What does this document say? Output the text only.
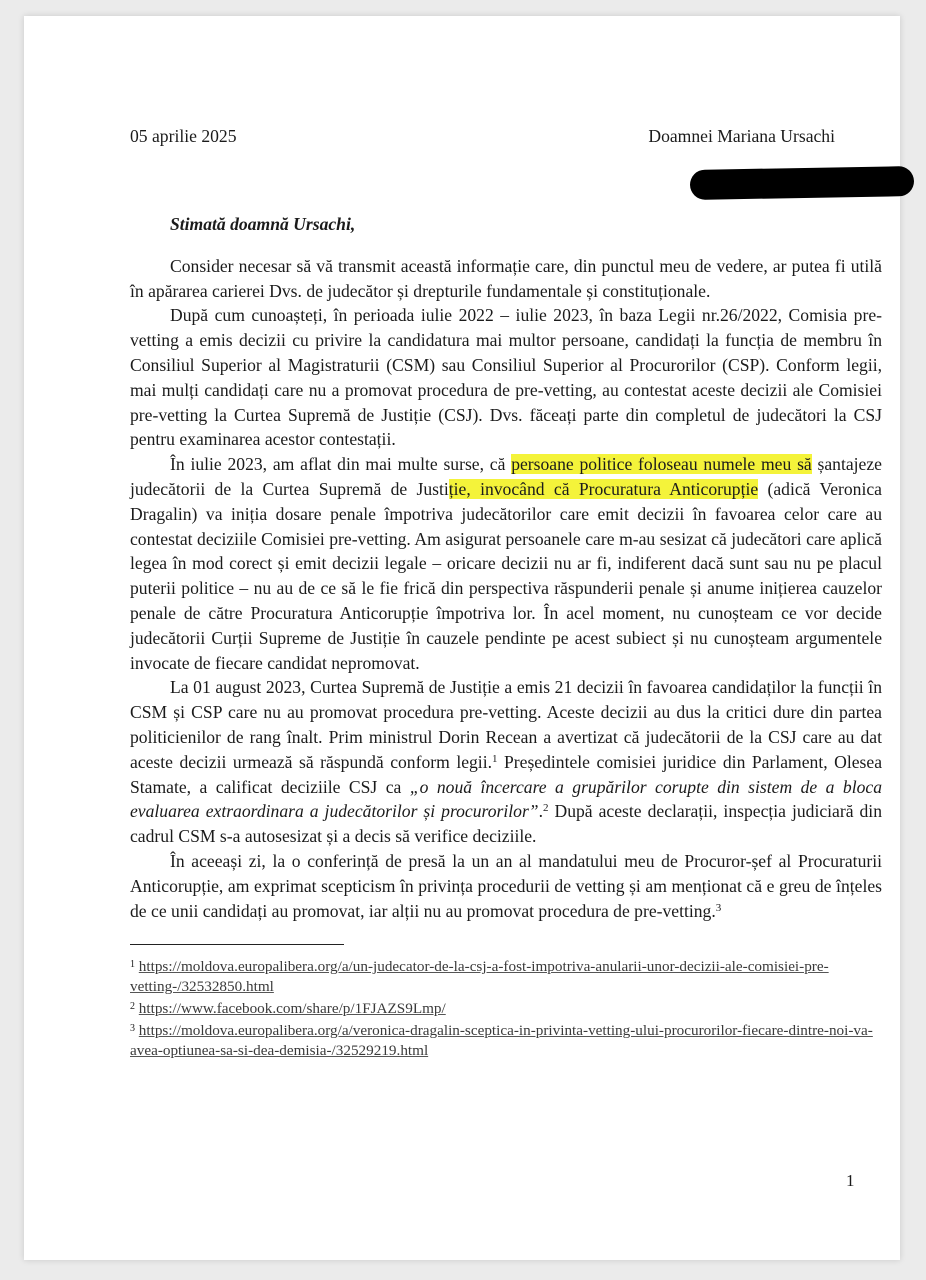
05 aprilie 2025	Doamnei Mariana Ursachi
Stimată doamnă Ursachi,

Consider necesar să vă transmit această informație care, din punctul meu de vedere, ar putea fi utilă în apărarea carierei Dvs. de judecător și drepturile fundamentale și constituționale.

După cum cunoașteți, în perioada iulie 2022 – iulie 2023, în baza Legii nr.26/2022, Comisia pre-vetting a emis decizii cu privire la candidatura mai multor persoane, candidați la funcția de membru în Consiliul Superior al Magistraturii (CSM) sau Consiliul Superior al Procurorilor (CSP). Conform legii, mai mulți candidați care nu a promovat procedura de pre-vetting, au contestat aceste decizii ale Comisiei pre-vetting la Curtea Supremă de Justiție (CSJ). Dvs. făceați parte din completul de judecători la CSJ pentru examinarea acestor contestații.

În iulie 2023, am aflat din mai multe surse, că persoane politice foloseau numele meu să șantajeze judecătorii de la Curtea Supremă de Justiție, invocând că Procuratura Anticorupție (adică Veronica Dragalin) va iniția dosare penale împotriva judecătorilor care emit decizii în favoarea celor care au contestat deciziile Comisiei pre-vetting. Am asigurat persoanele care m-au sesizat că judecători care aplică legea în mod corect și emit decizii legale – oricare decizii nu ar fi, indiferent dacă sunt sau nu pe placul puterii politice – nu au de ce să le fie frică din perspectiva răspunderii penale și anume inițierea cauzelor penale de către Procuratura Anticorupție împotriva lor. În acel moment, nu cunoșteam ce vor decide judecătorii Curții Supreme de Justiție în cauzele pendinte pe acest subiect și nu cunoșteam argumentele invocate de fiecare candidat nepromovat.

La 01 august 2023, Curtea Supremă de Justiție a emis 21 decizii în favoarea candidaților la funcții în CSM și CSP care nu au promovat procedura pre-vetting. Aceste decizii au dus la critici dure din partea politicienilor de rang înalt. Prim ministrul Dorin Recean a avertizat că judecătorii de la CSJ care au dat aceste decizii urmează să răspundă conform legii.$^1$ Președintele comisiei juridice din Parlament, Olesea Stamate, a calificat deciziile CSJ ca „o nouă încercare a grupărilor corupte din sistem de a bloca evaluarea extraordinara a judecătorilor și procurorilor”.$^2$ După aceste declarații, inspecția judiciară din cadrul CSM s-a autosesizat și a decis să verifice deciziile.

În aceeași zi, la o conferință de presă la un an al mandatului meu de Procuror-șef al Procuraturii Anticorupție, am exprimat scepticism în privința procedurii de vetting și am menționat că e greu de înțeles de ce unii candidați au promovat, iar alții nu au promovat procedura de pre-vetting.$^3$

$^1$ https://moldova.europalibera.org/a/un-judecator-de-la-csj-a-fost-impotriva-anularii-unor-decizii-ale-comisiei-pre-vetting-/32532850.html

$^2$ https://www.facebook.com/share/p/1FJAZS9Lmp/

$^3$ https://moldova.europalibera.org/a/veronica-dragalin-sceptica-in-privinta-vetting-ului-procurorilor-fiecare-dintre-noi-va-avea-optiunea-sa-si-dea-demisia-/32529219.html

1
